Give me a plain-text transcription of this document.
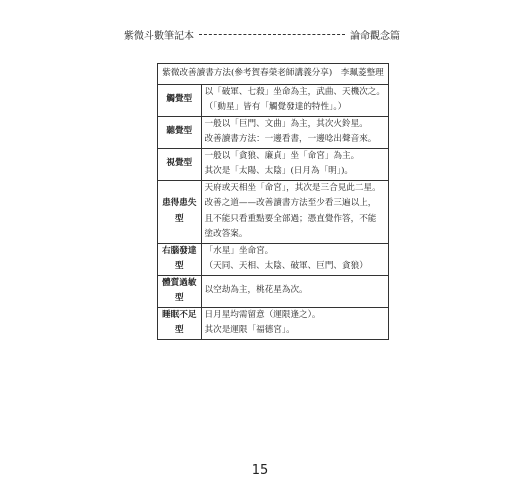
紫微斗數筆記本	論命觀念篇
紫微改善讀書方法(參考賀春榮老師講義分享)　李珮菱整理	
觸覺型	以「破軍、七殺」坐命為主，武曲、天機次之。
（「動星」皆有「觸覺發達的特性」。）

聽覺型	一般以「巨門、文曲」為主，其次火鈴星。
改善讀書方法：一邊看書，一邊唸出聲音來。

視覺型	一般以「貪狼、廉貞」坐「命宮」為主。
其次是「太陽、太陰」(日月為「明」)。

患得患失型	天府或天相坐「命宮」，其次是三合見此二星。
改善之道——改善讀書方法至少看三遍以上，
且不能只看重點要全部過；憑直覺作答，不能
塗改答案。

右腦發達型	「水星」坐命宮。
（天同、天相、太陰、破軍、巨門、貪狼）

體質過敏型	以空劫為主，桃花星為次。

睡眠不足型	日月星均需留意（運限逢之）。
其次是運限「福德宮」。
15
